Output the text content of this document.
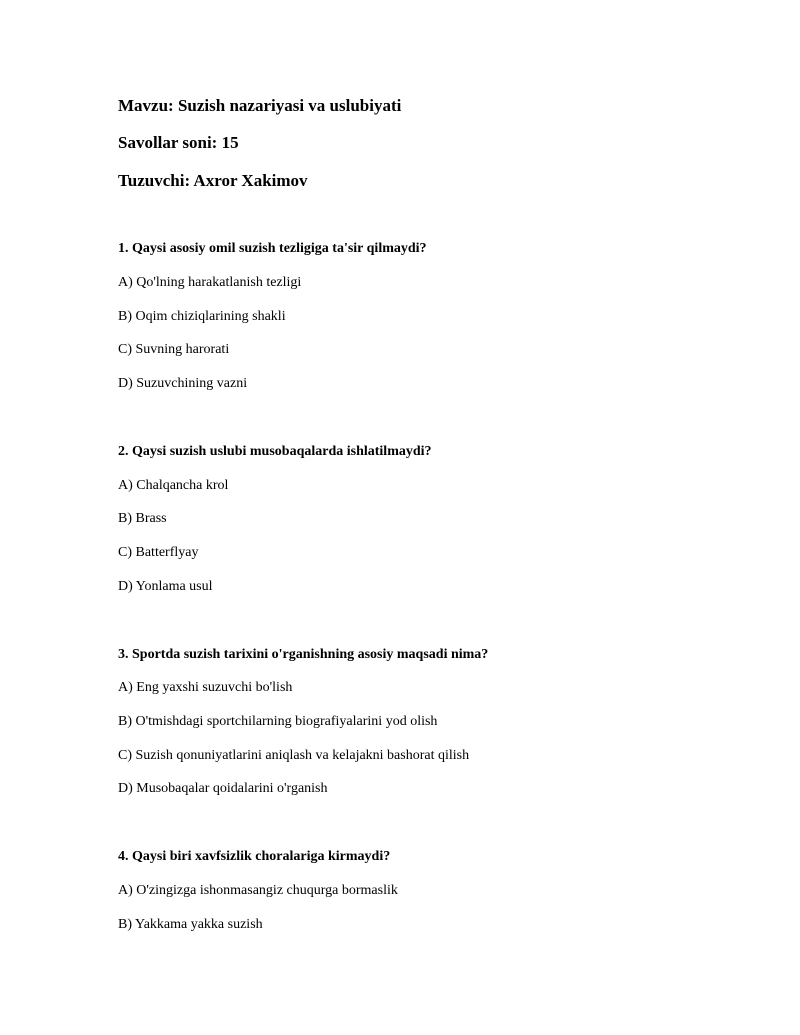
Mavzu: Suzish nazariyasi va uslubiyati
Savollar soni: 15
Tuzuvchi: Axror Xakimov
1. Qaysi asosiy omil suzish tezligiga ta'sir qilmaydi?
A) Qo'lning harakatlanish tezligi
B) Oqim chiziqlarining shakli
C) Suvning harorati
D) Suzuvchining vazni
2. Qaysi suzish uslubi musobaqalarda ishlatilmaydi?
A) Chalqancha krol
B) Brass
C) Batterflyay
D) Yonlama usul
3. Sportda suzish tarixini o'rganishning asosiy maqsadi nima?
A) Eng yaxshi suzuvchi bo'lish
B) O'tmishdagi sportchilarning biografiyalarini yod olish
C) Suzish qonuniyatlarini aniqlash va kelajakni bashorat qilish
D) Musobaqalar qoidalarini o'rganish
4. Qaysi biri xavfsizlik choralariga kirmaydi?
A) O'zingizga ishonmasangiz chuqurga bormaslik
B) Yakkama yakka suzish
